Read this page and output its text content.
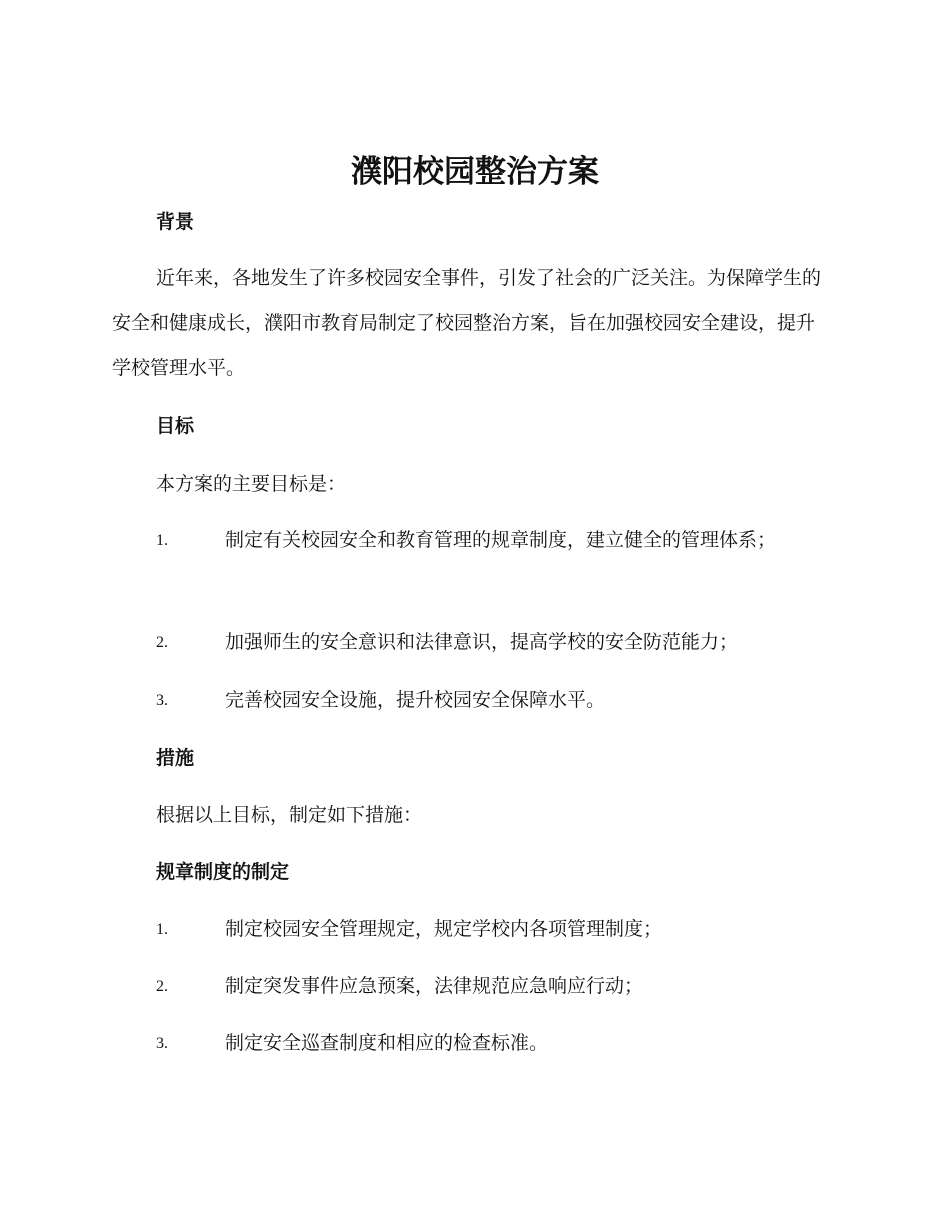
濮阳校园整治方案
背景

近年来，各地发生了许多校园安全事件，引发了社会的广泛关注。为保障学生的安全和健康成长，濮阳市教育局制定了校园整治方案，旨在加强校园安全建设，提升学校管理水平。

目标

本方案的主要目标是：

1.	制定有关校园安全和教育管理的规章制度，建立健全的管理体系；
2.	加强师生的安全意识和法律意识，提高学校的安全防范能力；
3.	完善校园安全设施，提升校园安全保障水平。
措施

根据以上目标，制定如下措施：

规章制度的制定
1.	制定校园安全管理规定，规定学校内各项管理制度；
2.	制定突发事件应急预案，法律规范应急响应行动；
3.	制定安全巡查制度和相应的检查标准。
